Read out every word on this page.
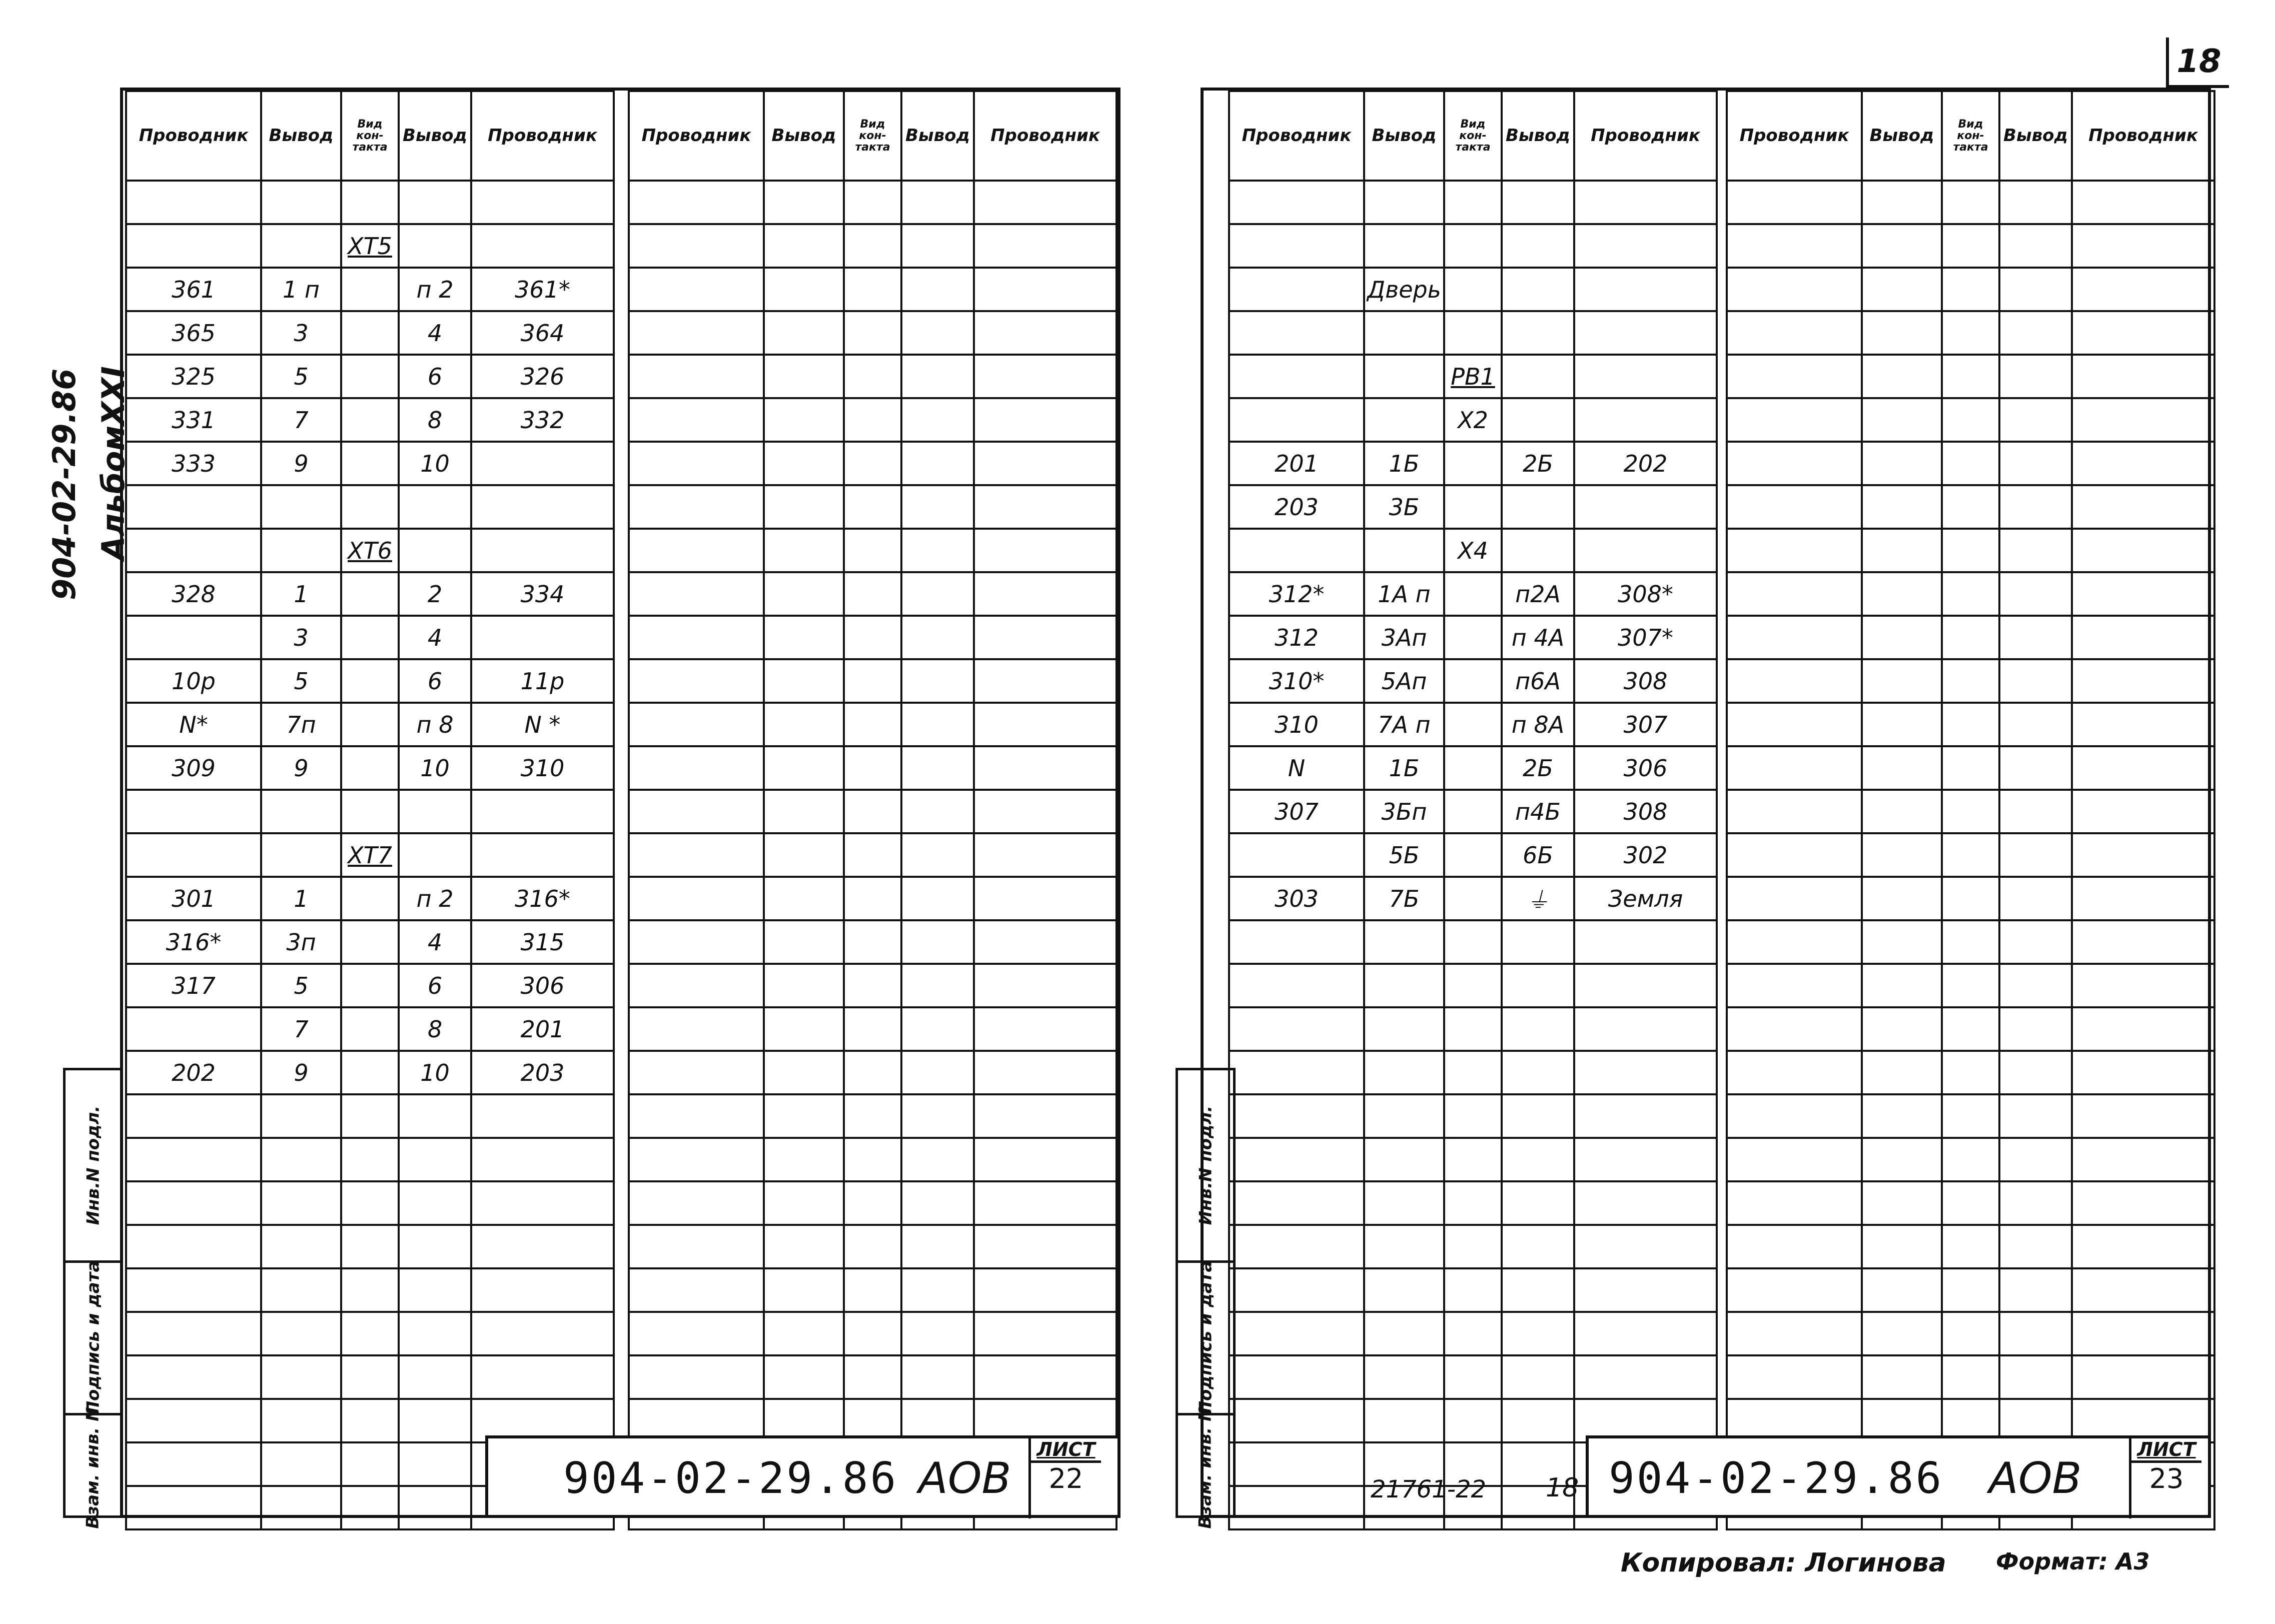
18
904-02-29.86 АльбомXXI
Проводник	Вывод	Вид кон- такта	Вывод	Проводник

		XT5		
361	1 п		п 2	361*
365	3		4	364
325	5		6	326
331	7		8	332
333	9		10	

		XT6		
328	1		2	334
	3		4	
10р	5		6	11р
N*	7п		п 8	N *
309	9		10	310

		XT7		
301	1		п 2	316*
316*	3п		4	315
317	5		6	306
	7		8	201
202	9		10	203

Проводник	Вывод	Вид кон- такта	Вывод	Проводник

Инв.N подл.
Подпись и дата
Взам. инв. N	904-02-29.86 АОВ
ЛИСТ
22
Проводник	Вывод	Вид кон- такта	Вывод	Проводник

	Дверь			

		РВ1		
		X2		
201	1Б		2Б	202
203	3Б			
		X4		
312*	1А п		п2А	308*
312	3Ап		п 4А	307*
310*	5Ап		п6А	308
310	7А п		п 8А	307
N	1Б		2Б	306
307	3Бп		п4Б	308
	5Б		6Б	302
303	7Б		⏚	Земля

Проводник	Вывод	Вид кон- такта	Вывод	Проводник

Инв.N подл.
Подпись и дата
Взам. инв. N	21761-22 18 904-02-29.86 АОВ
ЛИСТ
23
Копировал: Логинова Формат: А3
